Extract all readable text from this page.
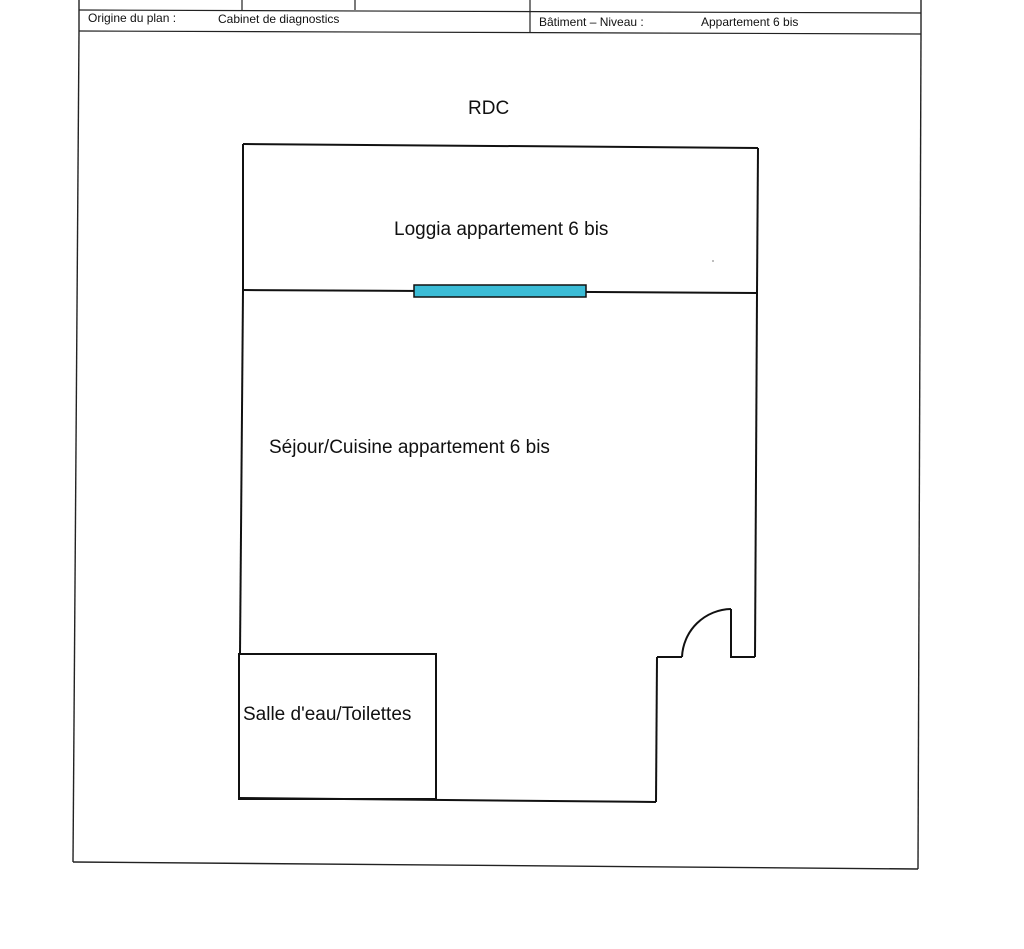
Origine du plan :	Cabinet de diagnostics	Bâtiment – Niveau :	Appartement 6 bis
RDC
Loggia appartement 6 bis
Séjour/Cuisine appartement 6 bis
Salle d'eau/Toilettes
